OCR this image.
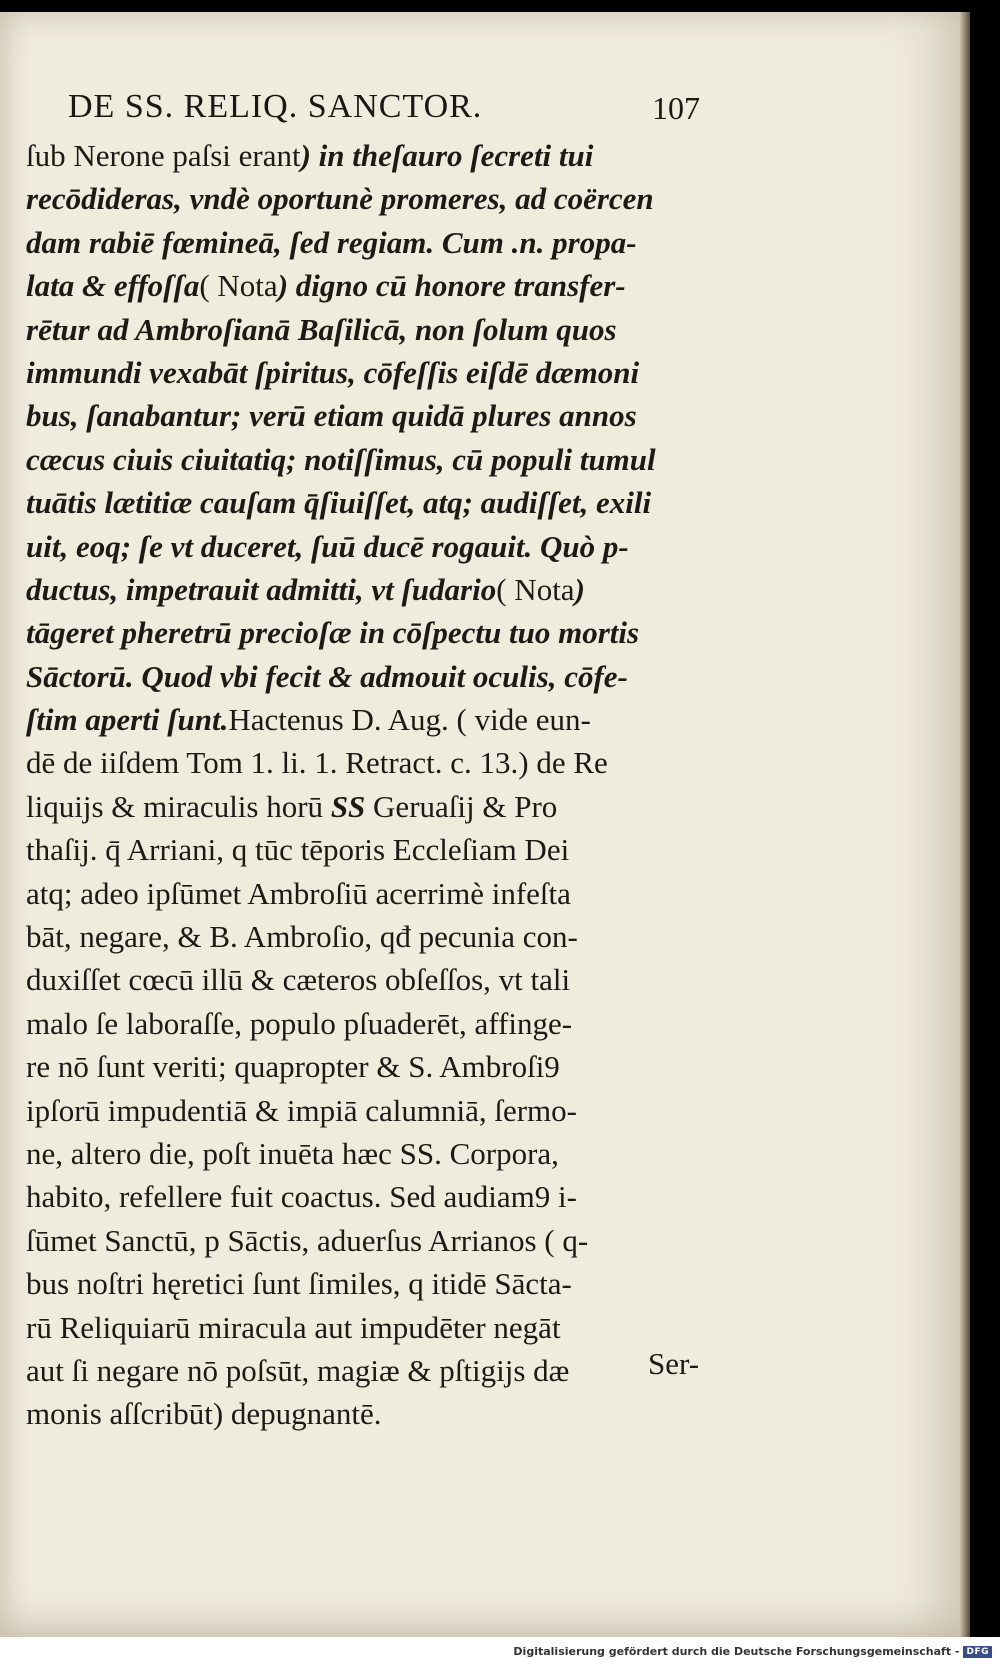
DE SS. RELIQ. SANCTOR.	107
ſub Nerone paſsi erant) in theſauro ſecreti tui
recōdideras, vndè oportunè promeres, ad coërcen
dam rabiē fœmineā, ſed regiam. Cum .n. propa-
lata & effoſſa( Nota) digno cū honore transfer-
rētur ad Ambroſianā Baſilicā, non ſolum quos
immundi vexabāt ſpiritus, cōfeſſis eiſdē dæmoni
bus, ſanabantur; verū etiam quidā plures annos
cæcus ciuis ciuitatiq; notiſſimus, cū populi tumul
tuātis lætitiæ cauſam q̄ſiuiſſet, atq; audiſſet, exili
uit, eoq; ſe vt duceret, ſuū ducē rogauit. Quò p-
ductus, impetrauit admitti, vt ſudario( Nota)
tāgeret pheretrū precioſæ in cōſpectu tuo mortis
Sāctorū. Quod vbi fecit & admouit oculis, cōfe-
ſtim aperti ſunt.Hactenus D. Aug. ( vide eun-
dē de iiſdem Tom 1. li. 1. Retract. c. 13.) de Re
liquijs & miraculis horū SS Geruaſij & Pro
thaſij. q̄ Arriani, q tūc tēporis Eccleſiam Dei
atq; adeo ipſūmet Ambroſiū acerrimè infeſta
bāt, negare, & B. Ambroſio, qđ pecunia con-
duxiſſet cœcū illū & cæteros obſeſſos, vt tali
malo ſe laboraſſe, populo pſuaderēt, affinge-
re nō ſunt veriti; quapropter & S. Ambroſi9
ipſorū impudentiā & impiā calumniā, ſermo-
ne, altero die, poſt inuēta hæc SS. Corpora,
habito, refellere fuit coactus. Sed audiam9 i-
ſūmet Sanctū, p Sāctis, aduerſus Arrianos ( q-
bus noſtri hęretici ſunt ſimiles, q itidē Sācta-
rū Reliquiarū miracula aut impudēter negāt
aut ſi negare nō poſsūt, magiæ & pſtigijs dæ
monis aſſcribūt) depugnantē.
Ser-
Digitalisierung gefördert durch die Deutsche Forschungsgemeinschaft - DFG
